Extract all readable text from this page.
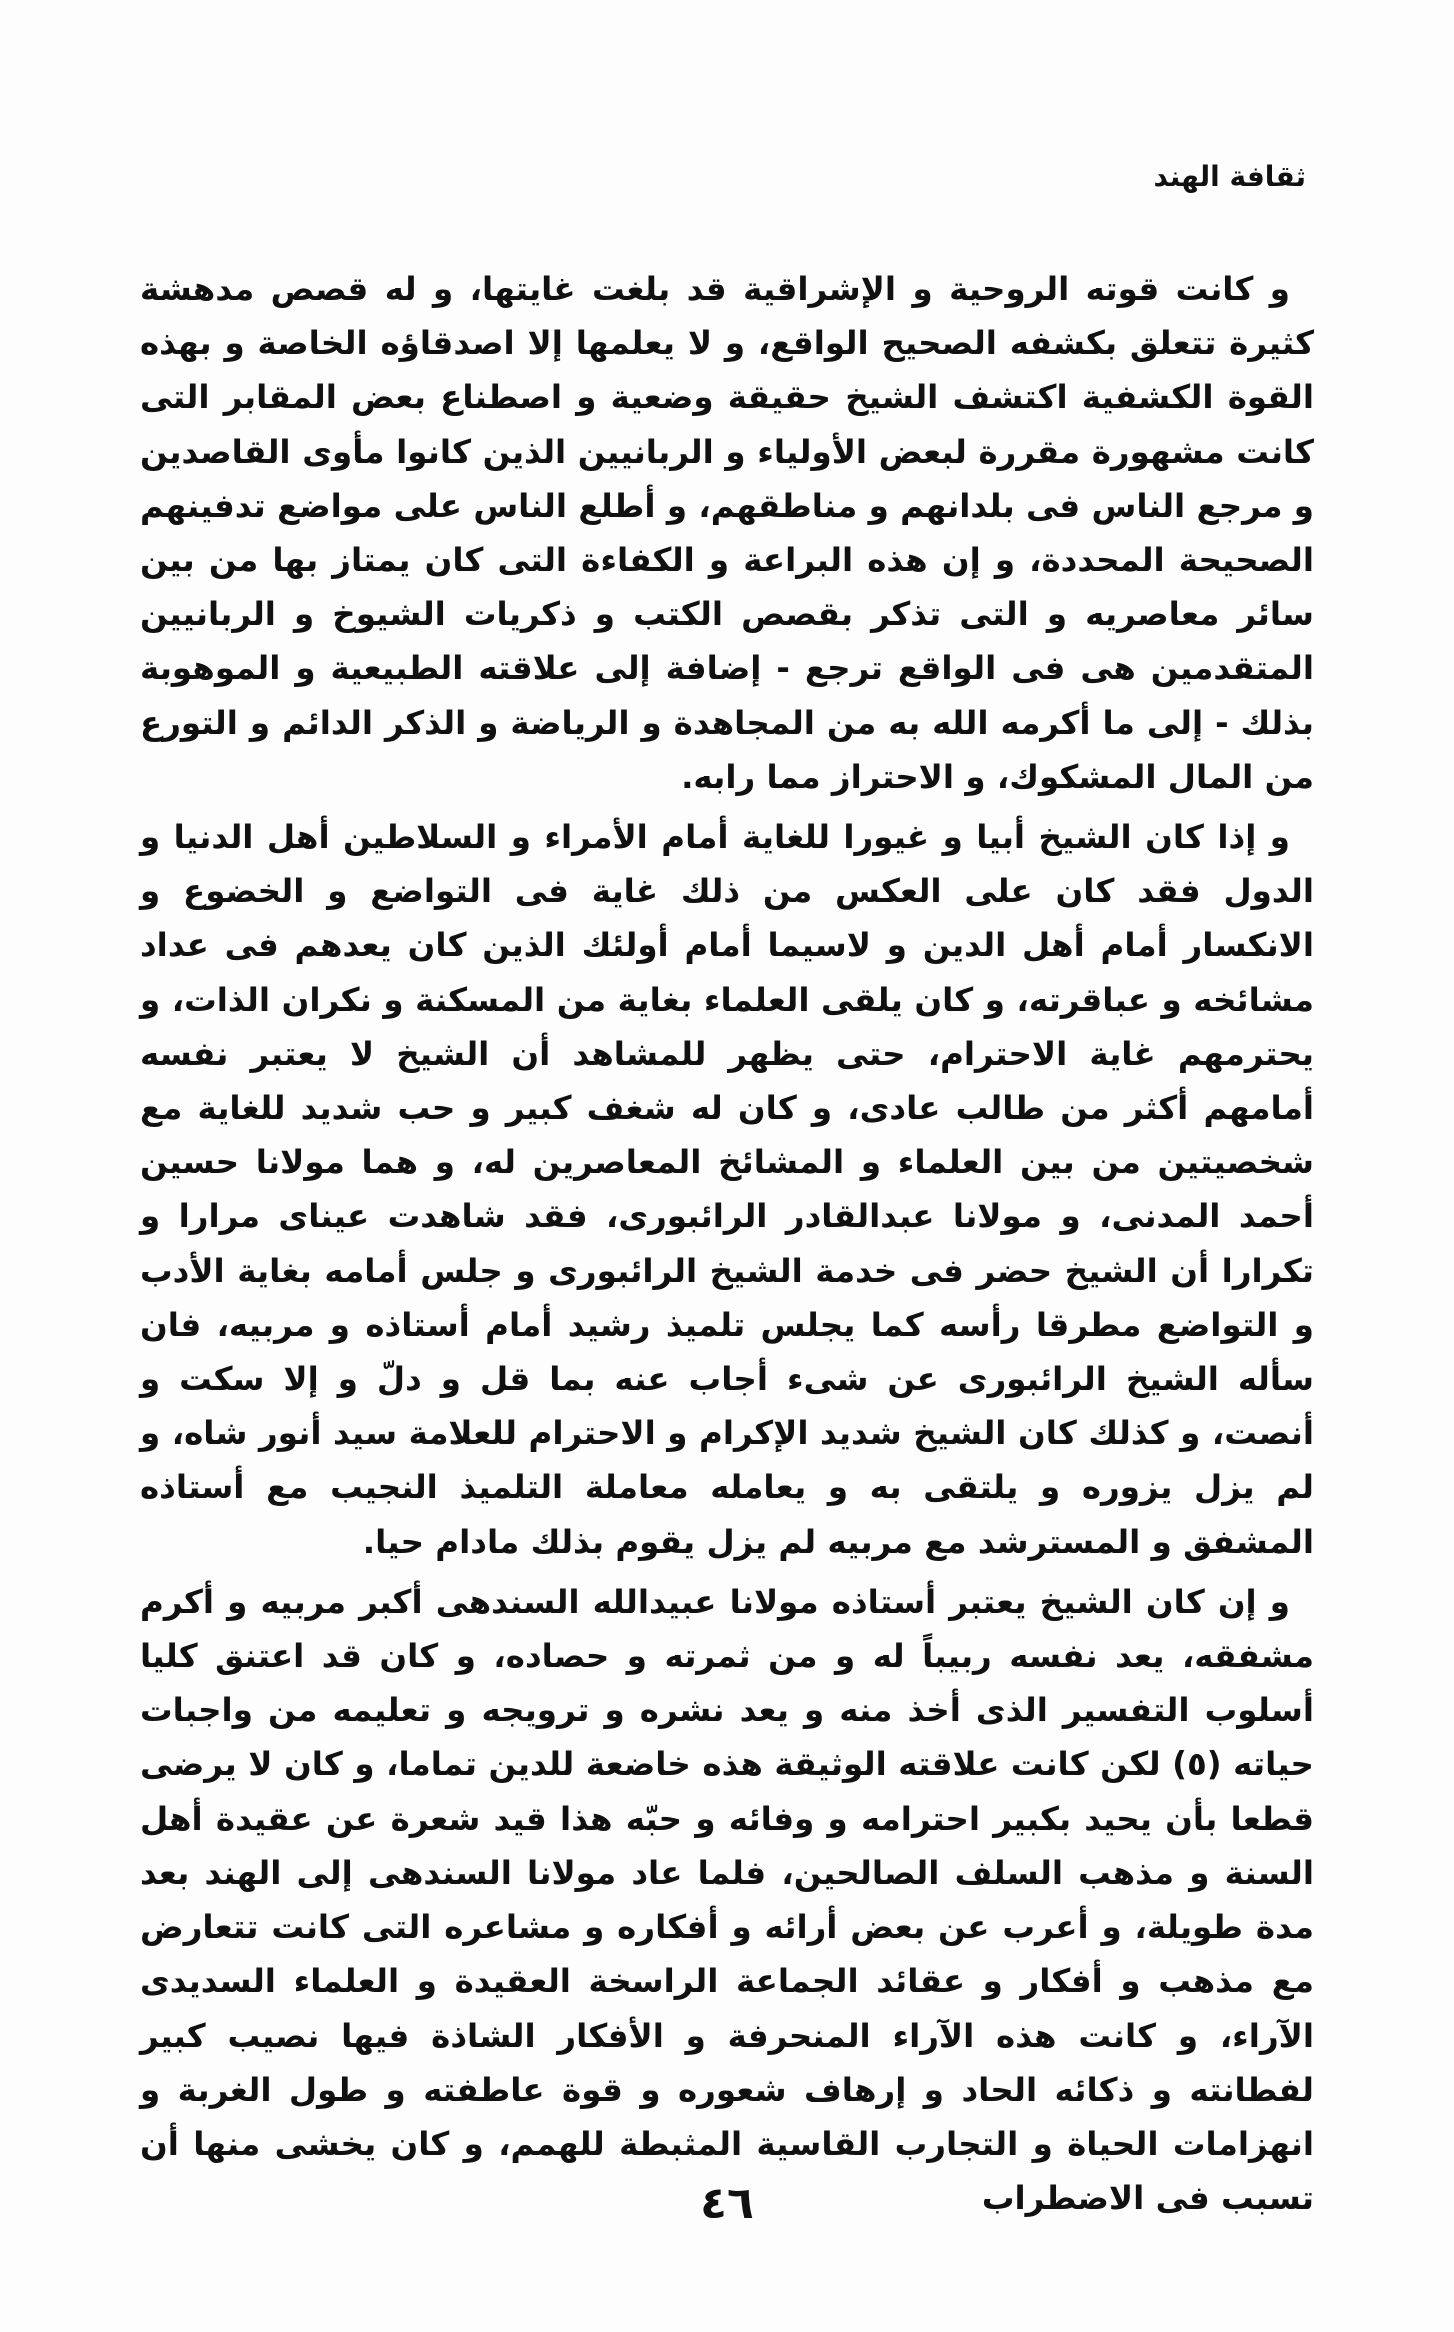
ثقافة الهند

و كانت قوته الروحية و الإشراقية قد بلغت غايتها، و له قصص مدهشة كثيرة تتعلق بكشفه الصحيح الواقع، و لا يعلمها إلا اصدقاؤه الخاصة و بهذه القوة الكشفية اكتشف الشيخ حقيقة وضعية و اصطناع بعض المقابر التى كانت مشهورة مقررة لبعض الأولياء و الربانيين الذين كانوا مأوى القاصدين و مرجع الناس فى بلدانهم و مناطقهم، و أطلع الناس على مواضع تدفينهم الصحيحة المحددة، و إن هذه البراعة و الكفاءة التى كان يمتاز بها من بين سائر معاصريه و التى تذكر بقصص الكتب و ذكريات الشيوخ و الربانيين المتقدمين هى فى الواقع ترجع - إضافة إلى علاقته الطبيعية و الموهوبة بذلك - إلى ما أكرمه الله به من المجاهدة و الرياضة و الذكر الدائم و التورع من المال المشكوك، و الاحتراز مما رابه.

و إذا كان الشيخ أبيا و غيورا للغاية أمام الأمراء و السلاطين أهل الدنيا و الدول فقد كان على العكس من ذلك غاية فى التواضع و الخضوع و الانكسار أمام أهل الدين و لاسيما أمام أولئك الذين كان يعدهم فى عداد مشائخه و عباقرته، و كان يلقى العلماء بغاية من المسكنة و نكران الذات، و يحترمهم غاية الاحترام، حتى يظهر للمشاهد أن الشيخ لا يعتبر نفسه أمامهم أكثر من طالب عادى، و كان له شغف كبير و حب شديد للغاية مع شخصيتين من بين العلماء و المشائخ المعاصرين له، و هما مولانا حسين أحمد المدنى، و مولانا عبدالقادر الرائبورى، فقد شاهدت عيناى مرارا و تكرارا أن الشيخ حضر فى خدمة الشيخ الرائبورى و جلس أمامه بغاية الأدب و التواضع مطرقا رأسه كما يجلس تلميذ رشيد أمام أستاذه و مربيه، فان سأله الشيخ الرائبورى عن شىء أجاب عنه بما قل و دلّ و إلا سكت و أنصت، و كذلك كان الشيخ شديد الإكرام و الاحترام للعلامة سيد أنور شاه، و لم يزل يزوره و يلتقى به و يعامله معاملة التلميذ النجيب مع أستاذه المشفق و المسترشد مع مربيه لم يزل يقوم بذلك مادام حيا.

و إن كان الشيخ يعتبر أستاذه مولانا عبيدالله السندهى أكبر مربيه و أكرم مشفقه، يعد نفسه ربيباً له و من ثمرته و حصاده، و كان قد اعتنق كليا أسلوب التفسير الذى أخذ منه و يعد نشره و ترويجه و تعليمه من واجبات حياته (٥) لكن كانت علاقته الوثيقة هذه خاضعة للدين تماما، و كان لا يرضى قطعا بأن يحيد بكبير احترامه و وفائه و حبّه هذا قيد شعرة عن عقيدة أهل السنة و مذهب السلف الصالحين، فلما عاد مولانا السندهى إلى الهند بعد مدة طويلة، و أعرب عن بعض أرائه و أفكاره و مشاعره التى كانت تتعارض مع مذهب و أفكار و عقائد الجماعة الراسخة العقيدة و العلماء السديدى الآراء، و كانت هذه الآراء المنحرفة و الأفكار الشاذة فيها نصيب كبير لفطانته و ذكائه الحاد و إرهاف شعوره و قوة عاطفته و طول الغربة و انهزامات الحياة و التجارب القاسية المثبطة للهمم، و كان يخشى منها أن تسبب فى الاضطراب

٤٦
